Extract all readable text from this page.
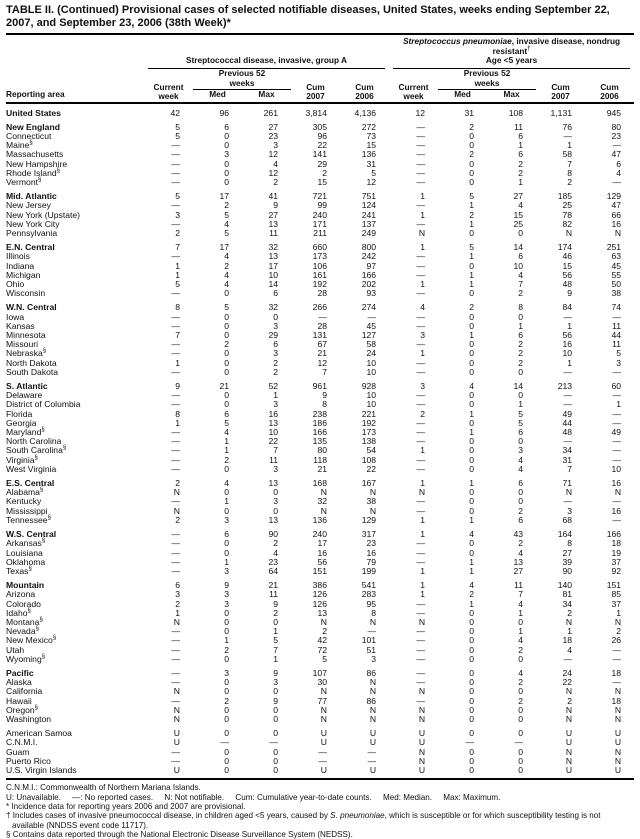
TABLE II. (Continued) Provisional cases of selected notifiable diseases, United States, weeks ending September 22, 2007, and September 23, 2006 (38th Week)*
Reporting area	Streptococcal disease, invasive, group A					Streptococcus pneumoniae, invasive disease, nondrug resistant†
Age <5 years				

	Current week	Previous 52 weeks		Cum 2007	Cum 2006	Current week	Previous 52 weeks		Cum 2007	Cum 2006

		Med	Max				Med	Max		
United States	42	96	261	3,814	4,136	12	31	108	1,131	945
New England	5	6	27	305	272	—	2	11	76	80
Connecticut	5	0	23	96	73	—	0	6	—	23
Maine§	—	0	3	22	15	—	0	1	1	—
Massachusetts	—	3	12	141	136	—	2	6	58	47
New Hampshire	—	0	4	29	31	—	0	2	7	6
Rhode Island§	—	0	12	2	5	—	0	2	8	4
Vermont§	—	0	2	15	12	—	0	1	2	—
Mid. Atlantic	5	17	41	721	751	1	5	27	185	129
New Jersey	—	2	9	99	124	—	1	4	25	47
New York (Upstate)	3	5	27	240	241	1	2	15	78	66
New York City	—	4	13	171	137	—	1	25	82	16
Pennsylvania	2	5	11	211	249	N	0	0	N	N
E.N. Central	7	17	32	660	800	1	5	14	174	251
Illinois	—	4	13	173	242	—	1	6	46	63
Indiana	1	2	17	106	97	—	0	10	15	45
Michigan	1	4	10	161	166	—	1	4	56	55
Ohio	5	4	14	192	202	1	1	7	48	50
Wisconsin	—	0	6	28	93	—	0	2	9	38
W.N. Central	8	5	32	266	274	4	2	8	84	74
Iowa	—	0	0	—	—	—	0	0	—	—
Kansas	—	0	3	28	45	—	0	1	1	11
Minnesota	7	0	29	131	127	3	1	6	56	44
Missouri	—	2	6	67	58	—	0	2	16	11
Nebraska§	—	0	3	21	24	1	0	2	10	5
North Dakota	1	0	2	12	10	—	0	2	1	3
South Dakota	—	0	2	7	10	—	0	0	—	—
S. Atlantic	9	21	52	961	928	3	4	14	213	60
Delaware	—	0	1	9	10	—	0	0	—	—
District of Columbia	—	0	3	8	10	—	0	1	—	1
Florida	8	6	16	238	221	2	1	5	49	—
Georgia	1	5	13	186	192	—	0	5	44	—
Maryland§	—	4	10	166	173	—	1	6	48	49
North Carolina	—	1	22	135	138	—	0	0	—	—
South Carolina§	—	1	7	80	54	1	0	3	34	—
Virginia§	—	2	11	118	108	—	0	4	31	—
West Virginia	—	0	3	21	22	—	0	4	7	10
E.S. Central	2	4	13	168	167	1	1	6	71	16
Alabama§	N	0	0	N	N	N	0	0	N	N
Kentucky	—	1	3	32	38	—	0	0	—	—
Mississippi	N	0	0	N	N	—	0	2	3	16
Tennessee§	2	3	13	136	129	1	1	6	68	—
W.S. Central	—	6	90	240	317	1	4	43	164	166
Arkansas§	—	0	2	17	23	—	0	2	8	18
Louisiana	—	0	4	16	16	—	0	4	27	19
Oklahoma	—	1	23	56	79	—	1	13	39	37
Texas§	—	3	64	151	199	1	1	27	90	92
Mountain	6	9	21	386	541	1	4	11	140	151
Arizona	3	3	11	126	283	1	2	7	81	85
Colorado	2	3	9	126	95	—	1	4	34	37
Idaho§	1	0	2	13	8	—	0	1	2	1
Montana§	N	0	0	N	N	N	0	0	N	N
Nevada§	—	0	1	2	—	—	0	1	1	2
New Mexico§	—	1	5	42	101	—	0	4	18	26
Utah	—	2	7	72	51	—	0	2	4	—
Wyoming§	—	0	1	5	3	—	0	0	—	—
Pacific	—	3	9	107	86	—	0	4	24	18
Alaska	—	0	3	30	N	—	0	2	22	—
California	N	0	0	N	N	N	0	0	N	N
Hawaii	—	2	9	77	86	—	0	2	2	18
Oregon§	N	0	0	N	N	N	0	0	N	N
Washington	N	0	0	N	N	N	0	0	N	N
American Samoa	U	0	0	U	U	U	0	0	U	U
C.N.M.I.	U	—	—	U	U	U	—	—	U	U
Guam	—	0	0	—	—	N	0	0	N	N
Puerto Rico	—	0	0	—	—	N	0	0	N	N
U.S. Virgin Islands	U	0	0	U	U	U	0	0	U	U
C.N.M.I.: Commonwealth of Northern Mariana Islands.
U: Unavailable.     —: No reported cases.     N: Not notifiable.     Cum: Cumulative year-to-date counts.     Med: Median.     Max: Maximum.
* Incidence data for reporting years 2006 and 2007 are provisional.
† Includes cases of invasive pneumococcal disease, in children aged <5 years, caused by S. pneumoniae, which is susceptible or for which susceptibility testing is not available (NNDSS event code 11717).
§ Contains data reported through the National Electronic Disease Surveillance System (NEDSS).
